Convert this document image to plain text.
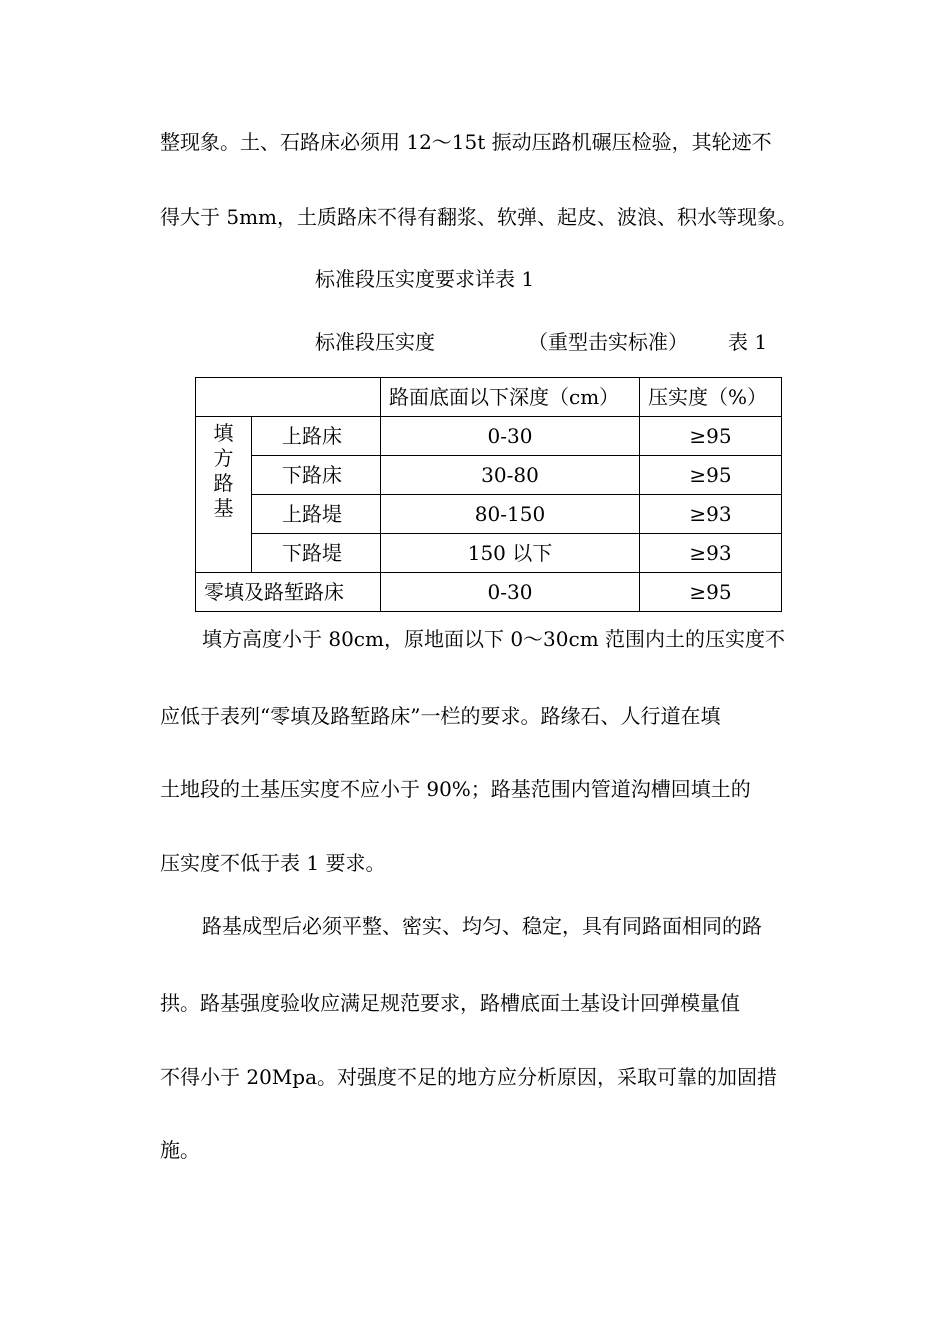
整现象。土、石路床必须用 12～15t 振动压路机碾压检验，其轮迹不
得大于 5mm，土质路床不得有翻浆、软弹、起皮、波浪、积水等现象。
标准段压实度要求详表 1
标准段压实度	（重型击实标准） 表 1
		路面底面以下深度（cm）	压实度（%）

填
方
路
基	上路床	0-30	≥95
	下路床	30-80	≥95
	上路堤	80-150	≥93
	下路堤	150 以下	≥93
零填及路堑路床		0-30	≥95
填方高度小于 80cm，原地面以下 0～30cm 范围内土的压实度不
应低于表列“零填及路堑路床”一栏的要求。路缘石、人行道在填
土地段的土基压实度不应小于 90%；路基范围内管道沟槽回填土的
压实度不低于表 1 要求。
路基成型后必须平整、密实、均匀、稳定，具有同路面相同的路
拱。路基强度验收应满足规范要求，路槽底面土基设计回弹模量值
不得小于 20Mpa。对强度不足的地方应分析原因，采取可靠的加固措
施。
